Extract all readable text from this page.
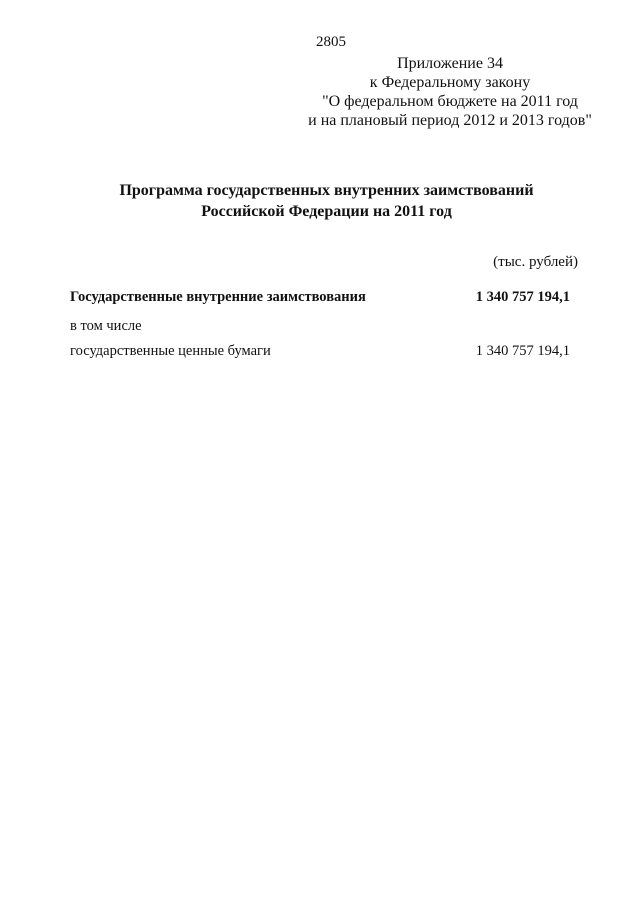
2805
Приложение 34
к Федеральному закону
"О федеральном бюджете на 2011 год
и на плановый период 2012 и 2013 годов"
Программа государственных внутренних заимствований
Российской Федерации на 2011 год
(тыс. рублей)
Государственные внутренние заимствования	1 340 757 194,1
в том числе
государственные ценные бумаги	1 340 757 194,1
